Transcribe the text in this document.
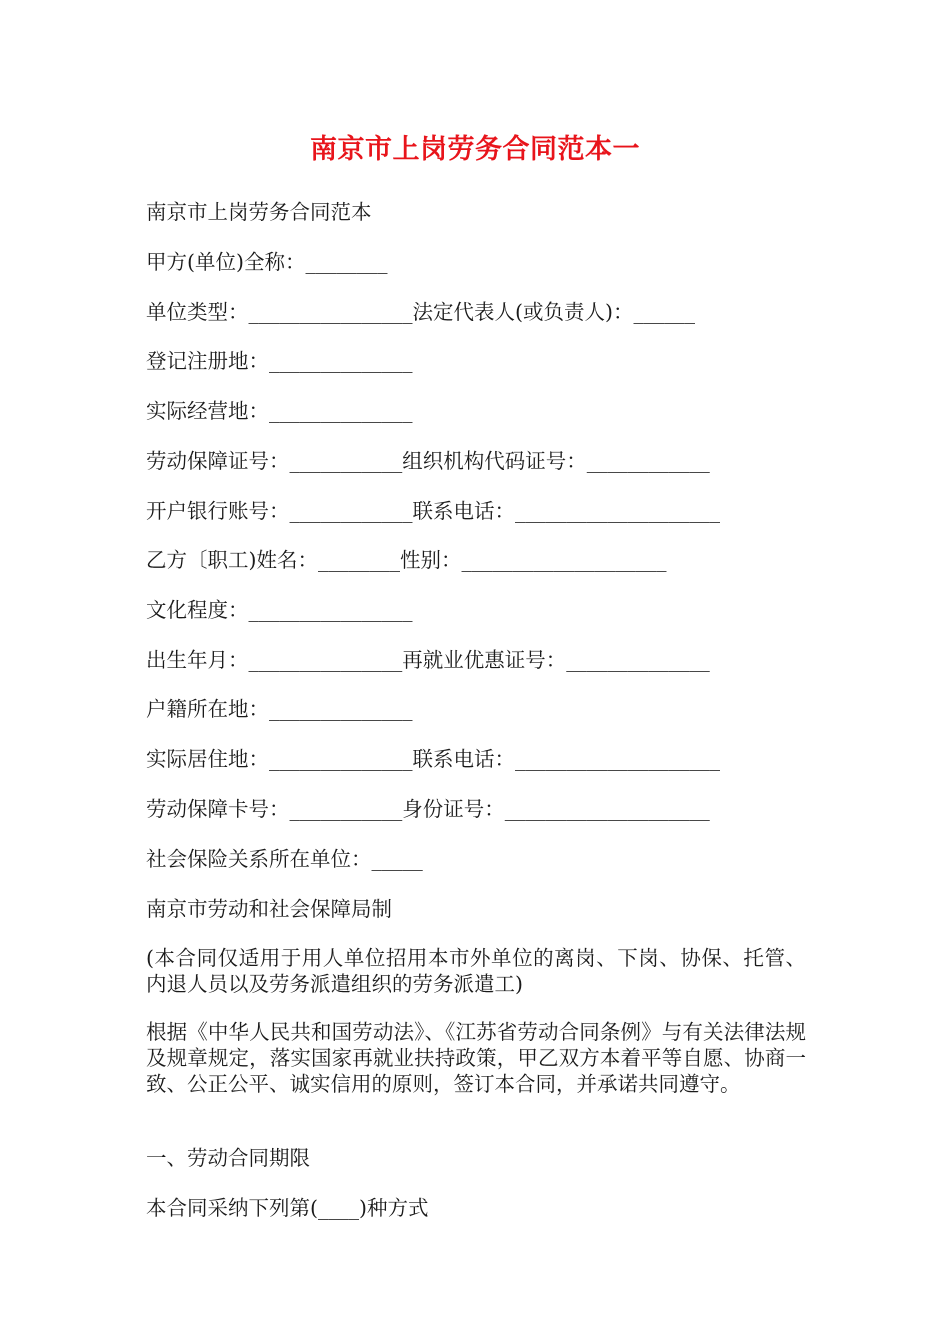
南京市上岗劳务合同范本一
南京市上岗劳务合同范本
甲方(单位)全称：________
单位类型：________________法定代表人(或负责人)：______
登记注册地：______________
实际经营地：______________
劳动保障证号：___________组织机构代码证号：____________
开户银行账号：____________联系电话：____________________
乙方〔职工)姓名：________性别：____________________
文化程度：________________
出生年月：_______________再就业优惠证号：______________
户籍所在地：______________
实际居住地：______________联系电话：____________________
劳动保障卡号：___________身份证号：____________________
社会保险关系所在单位：_____
南京市劳动和社会保障局制
(本合同仅适用于用人单位招用本市外单位的离岗、下岗、协保、托管、内退人员以及劳务派遣组织的劳务派遣工)
根据《中华人民共和国劳动法》、《江苏省劳动合同条例》与有关法律法规及规章规定，落实国家再就业扶持政策，甲乙双方本着平等自愿、协商一致、公正公平、诚实信用的原则，签订本合同，并承诺共同遵守。
一、劳动合同期限
本合同采纳下列第(____)种方式
